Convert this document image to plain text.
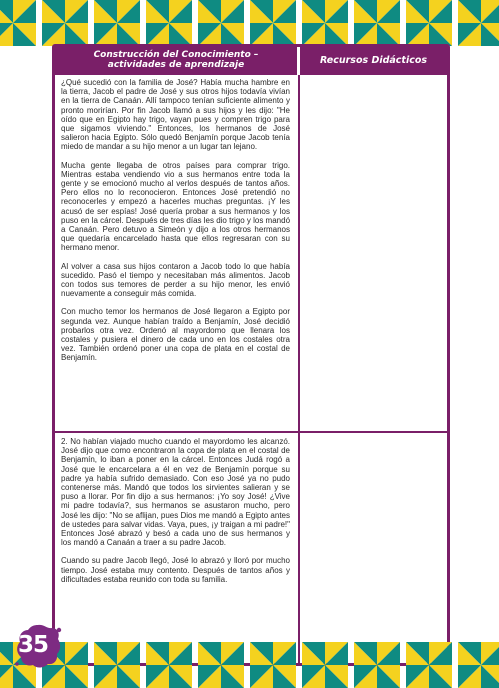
Construcción del Conocimiento –
actividades de aprendizaje	Recursos Didácticos

¿Qué sucedió con la familia de José? Había mucha hambre en la tierra, Jacob el padre de José y sus otros hijos todavía vivían en la tierra de Canaán. Allí tampoco tenían suficiente alimento y pronto morirían. Por fin Jacob llamó a sus hijos y les dijo: "He oído que en Egipto hay trigo, vayan pues y compren trigo para que sigamos viviendo." Entonces, los hermanos de José salieron hacia Egipto. Sólo quedó Benjamín porque Jacob tenía miedo de mandar a su hijo menor a un lugar tan lejano.

Mucha gente llegaba de otros países para comprar trigo. Mientras estaba vendiendo vio a sus hermanos entre toda la gente y se emocionó mucho al verlos después de tantos años. Pero ellos no lo reconocieron. Entonces José pretendió no reconocerles y empezó a hacerles muchas preguntas. ¡Y les acusó de ser espías! José quería probar a sus hermanos y los puso en la cárcel. Después de tres días les dio trigo y los mandó a Canaán. Pero detuvo a Simeón y dijo a los otros hermanos que quedaría encarcelado hasta que ellos regresaran con su hermano menor.

Al volver a casa sus hijos contaron a Jacob todo lo que había sucedido. Pasó el tiempo y necesitaban más alimentos. Jacob con todos sus temores de perder a su hijo menor, les envió nuevamente a conseguir más comida.

Con mucho temor los hermanos de José llegaron a Egipto por segunda vez. Aunque habían traído a Benjamín, José decidió probarlos otra vez. Ordenó al mayordomo que llenara los costales y pusiera el dinero de cada uno en los costales otra vez. También ordenó poner una copa de plata en el costal de Benjamín.

2. No habían viajado mucho cuando el mayordomo les alcanzó. José dijo que como encontraron la copa de plata en el costal de Benjamín, lo iban a poner en la cárcel. Entonces Judá rogó a José que le encarcelara a él en vez de Benjamín porque su padre ya había sufrido demasiado. Con eso José ya no pudo contenerse más. Mandó que todos los sirvientes salieran y se puso a llorar. Por fin dijo a sus hermanos: ¡Yo soy José! ¿Vive mi padre todavía?, sus hermanos se asustaron mucho, pero José les dijo: "No se aflijan, pues Dios me mandó a Egipto antes de ustedes para salvar vidas. Vaya, pues, ¡y traigan a mi padre!" Entonces José abrazó y besó a cada uno de sus hermanos y los mandó a Canaán a traer a su padre Jacob.

Cuando su padre Jacob llegó, José lo abrazó y lloró por mucho tiempo. José estaba muy contento. Después de tantos años y dificultades estaba reunido con toda su familia.

35
